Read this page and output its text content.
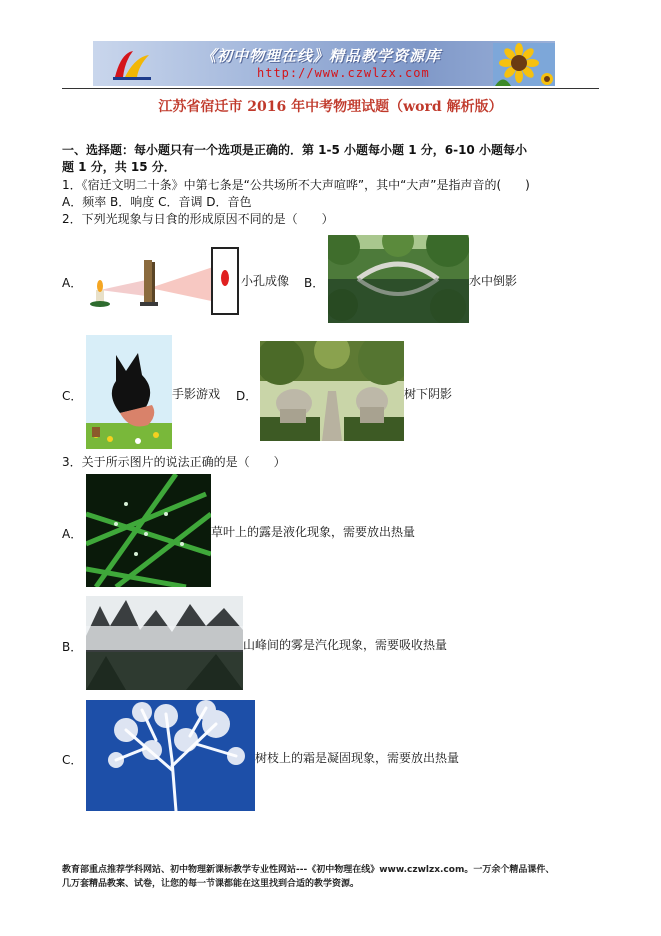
《初中物理在线》精品教学资源库
http://www.czwlzx.com
江苏省宿迁市 2016 年中考物理试题（word 解析版）
一、选择题：每小题只有一个选项是正确的．第 1-5 小题每小题 1 分，6-10 小题每小
题 1 分，共 15 分．
1．《宿迁文明二十条》中第七条是“公共场所不大声喧哗”，其中“大声”是指声音的(　　)
A．频率 B．响度 C．音调 D．音色
2．下列光现象与日食的形成原因不同的是（　　）
A．	小孔成像 B．	水中倒影
C．	手影游戏 D．	树下阴影
3．关于所示图片的说法正确的是（　　）
A．	草叶上的露是液化现象，需要放出热量
B．	山峰间的雾是汽化现象，需要吸收热量
C．	树枝上的霜是凝固现象，需要放出热量
教育部重点推荐学科网站、初中物理新课标教学专业性网站---《初中物理在线》www.czwlzx.com。一万余个精品课件、
几万套精品教案、试卷，让您的每一节课都能在这里找到合适的教学资源。
